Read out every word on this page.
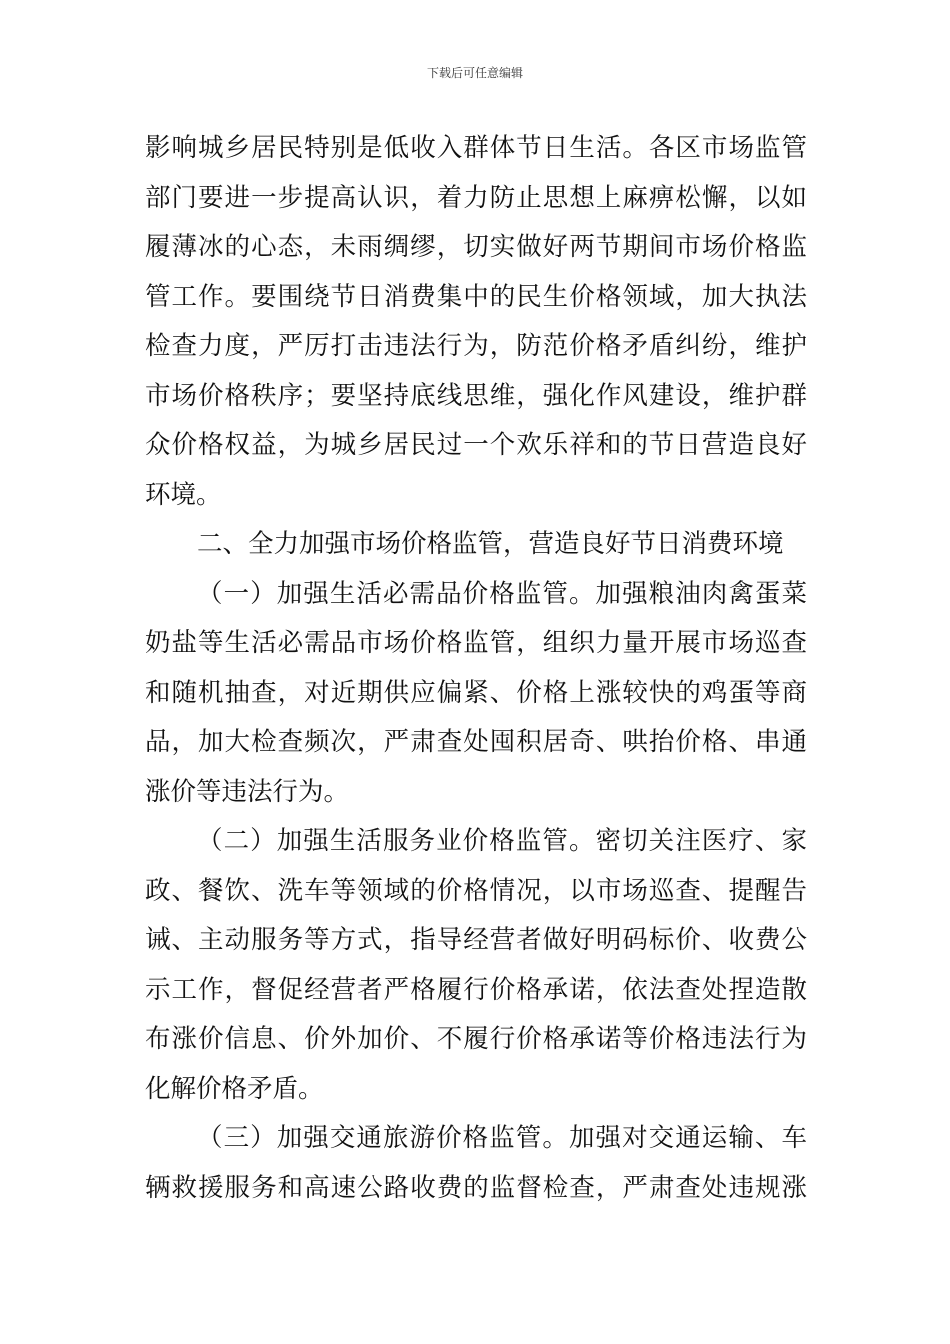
下载后可任意编辑
影响城乡居民特别是低收入群体节日生活。各区市场监管
部门要进一步提高认识，着力防止思想上麻痹松懈，以如
履薄冰的心态，未雨绸缪，切实做好两节期间市场价格监
管工作。要围绕节日消费集中的民生价格领域，加大执法
检查力度，严厉打击违法行为，防范价格矛盾纠纷，维护
市场价格秩序；要坚持底线思维，强化作风建设，维护群
众价格权益，为城乡居民过一个欢乐祥和的节日营造良好
环境。
二、全力加强市场价格监管，营造良好节日消费环境
（一）加强生活必需品价格监管。加强粮油肉禽蛋菜
奶盐等生活必需品市场价格监管，组织力量开展市场巡查
和随机抽查，对近期供应偏紧、价格上涨较快的鸡蛋等商
品，加大检查频次，严肃查处囤积居奇、哄抬价格、串通
涨价等违法行为。
（二）加强生活服务业价格监管。密切关注医疗、家
政、餐饮、洗车等领域的价格情况，以市场巡查、提醒告
诫、主动服务等方式，指导经营者做好明码标价、收费公
示工作，督促经营者严格履行价格承诺，依法查处捏造散
布涨价信息、价外加价、不履行价格承诺等价格违法行为
化解价格矛盾。
（三）加强交通旅游价格监管。加强对交通运输、车
辆救援服务和高速公路收费的监督检查，严肃查处违规涨
